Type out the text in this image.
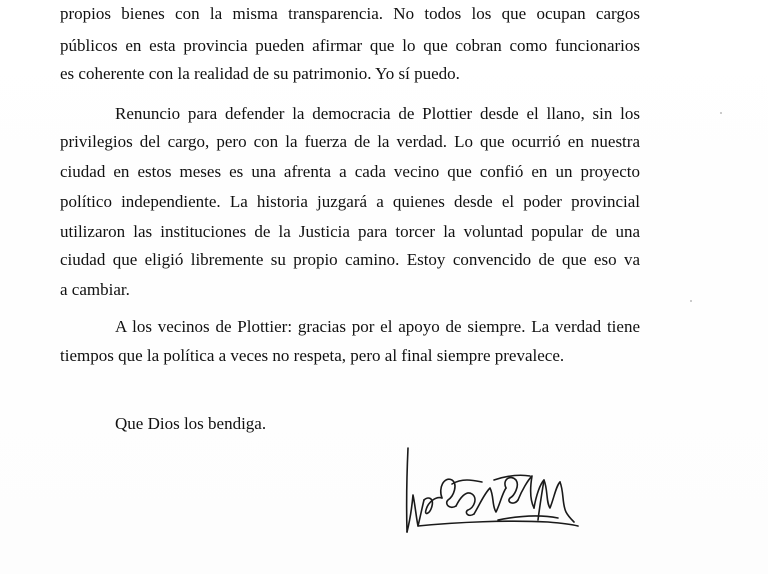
propios bienes con la misma transparencia. No todos los que ocupan cargos
públicos en esta provincia pueden afirmar que lo que cobran como funcionarios
es coherente con la realidad de su patrimonio. Yo sí puedo.
Renuncio para defender la democracia de Plottier desde el llano, sin los
privilegios del cargo, pero con la fuerza de la verdad. Lo que ocurrió en nuestra
ciudad en estos meses es una afrenta a cada vecino que confió en un proyecto
político independiente. La historia juzgará a quienes desde el poder provincial
utilizaron las instituciones de la Justicia para torcer la voluntad popular de una
ciudad que eligió libremente su propio camino. Estoy convencido de que eso va
a cambiar.
A los vecinos de Plottier: gracias por el apoyo de siempre. La verdad tiene
tiempos que la política a veces no respeta, pero al final siempre prevalece.
Que Dios los bendiga.
